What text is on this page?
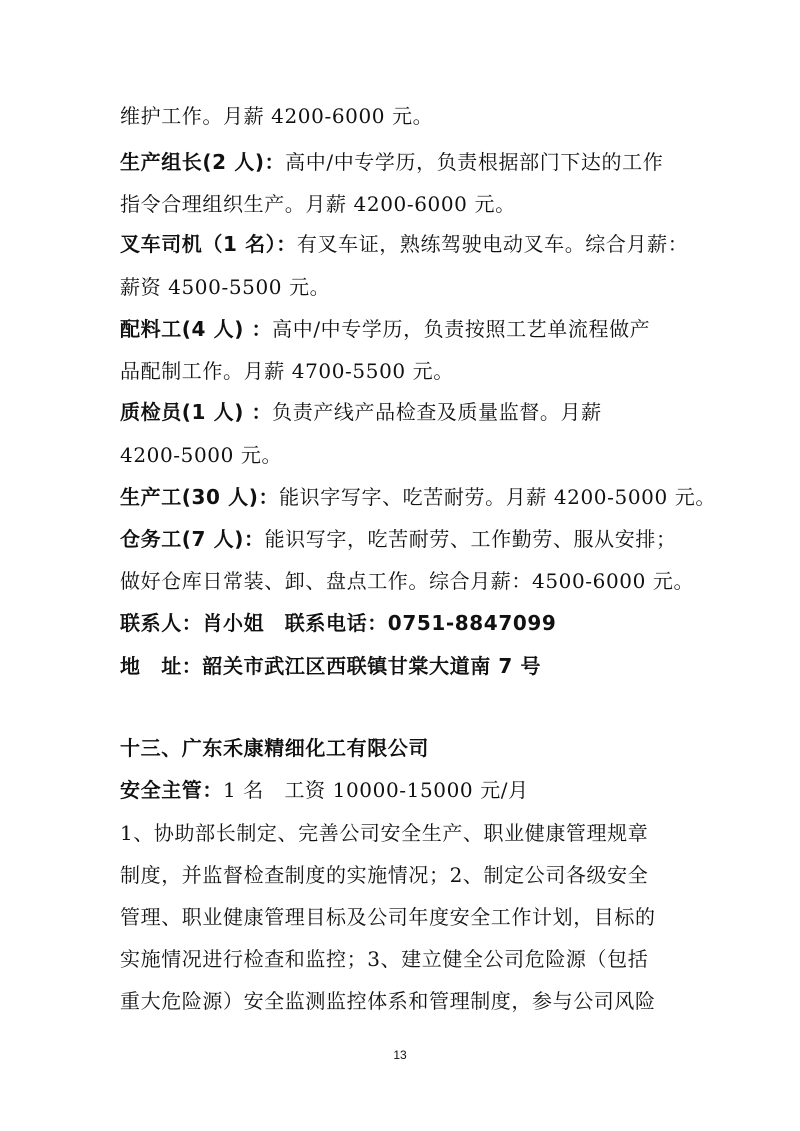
维护工作。月薪 4200-6000 元。
生产组长(2 人)：高中/中专学历，负责根据部门下达的工作
指令合理组织生产。月薪 4200-6000 元。
叉车司机（1 名）：有叉车证，熟练驾驶电动叉车。综合月薪：
薪资 4500-5500 元。
配料工(4 人) ：高中/中专学历，负责按照工艺单流程做产
品配制工作。月薪 4700-5500 元。
质检员(1 人) ：负责产线产品检查及质量监督。月薪
4200-5000 元。
生产工(30 人)：能识字写字、吃苦耐劳。月薪 4200-5000 元。
仓务工(7 人)：能识写字，吃苦耐劳、工作勤劳、服从安排；
做好仓库日常装、卸、盘点工作。综合月薪：4500-6000 元。
联系人：肖小姐　联系电话：0751-8847099
地　址：韶关市武江区西联镇甘棠大道南 7 号
十三、广东禾康精细化工有限公司
安全主管：1 名　工资 10000-15000 元/月
1、协助部长制定、完善公司安全生产、职业健康管理规章
制度，并监督检查制度的实施情况；2、制定公司各级安全
管理、职业健康管理目标及公司年度安全工作计划，目标的
实施情况进行检查和监控；3、建立健全公司危险源（包括
重大危险源）安全监测监控体系和管理制度，参与公司风险
13
